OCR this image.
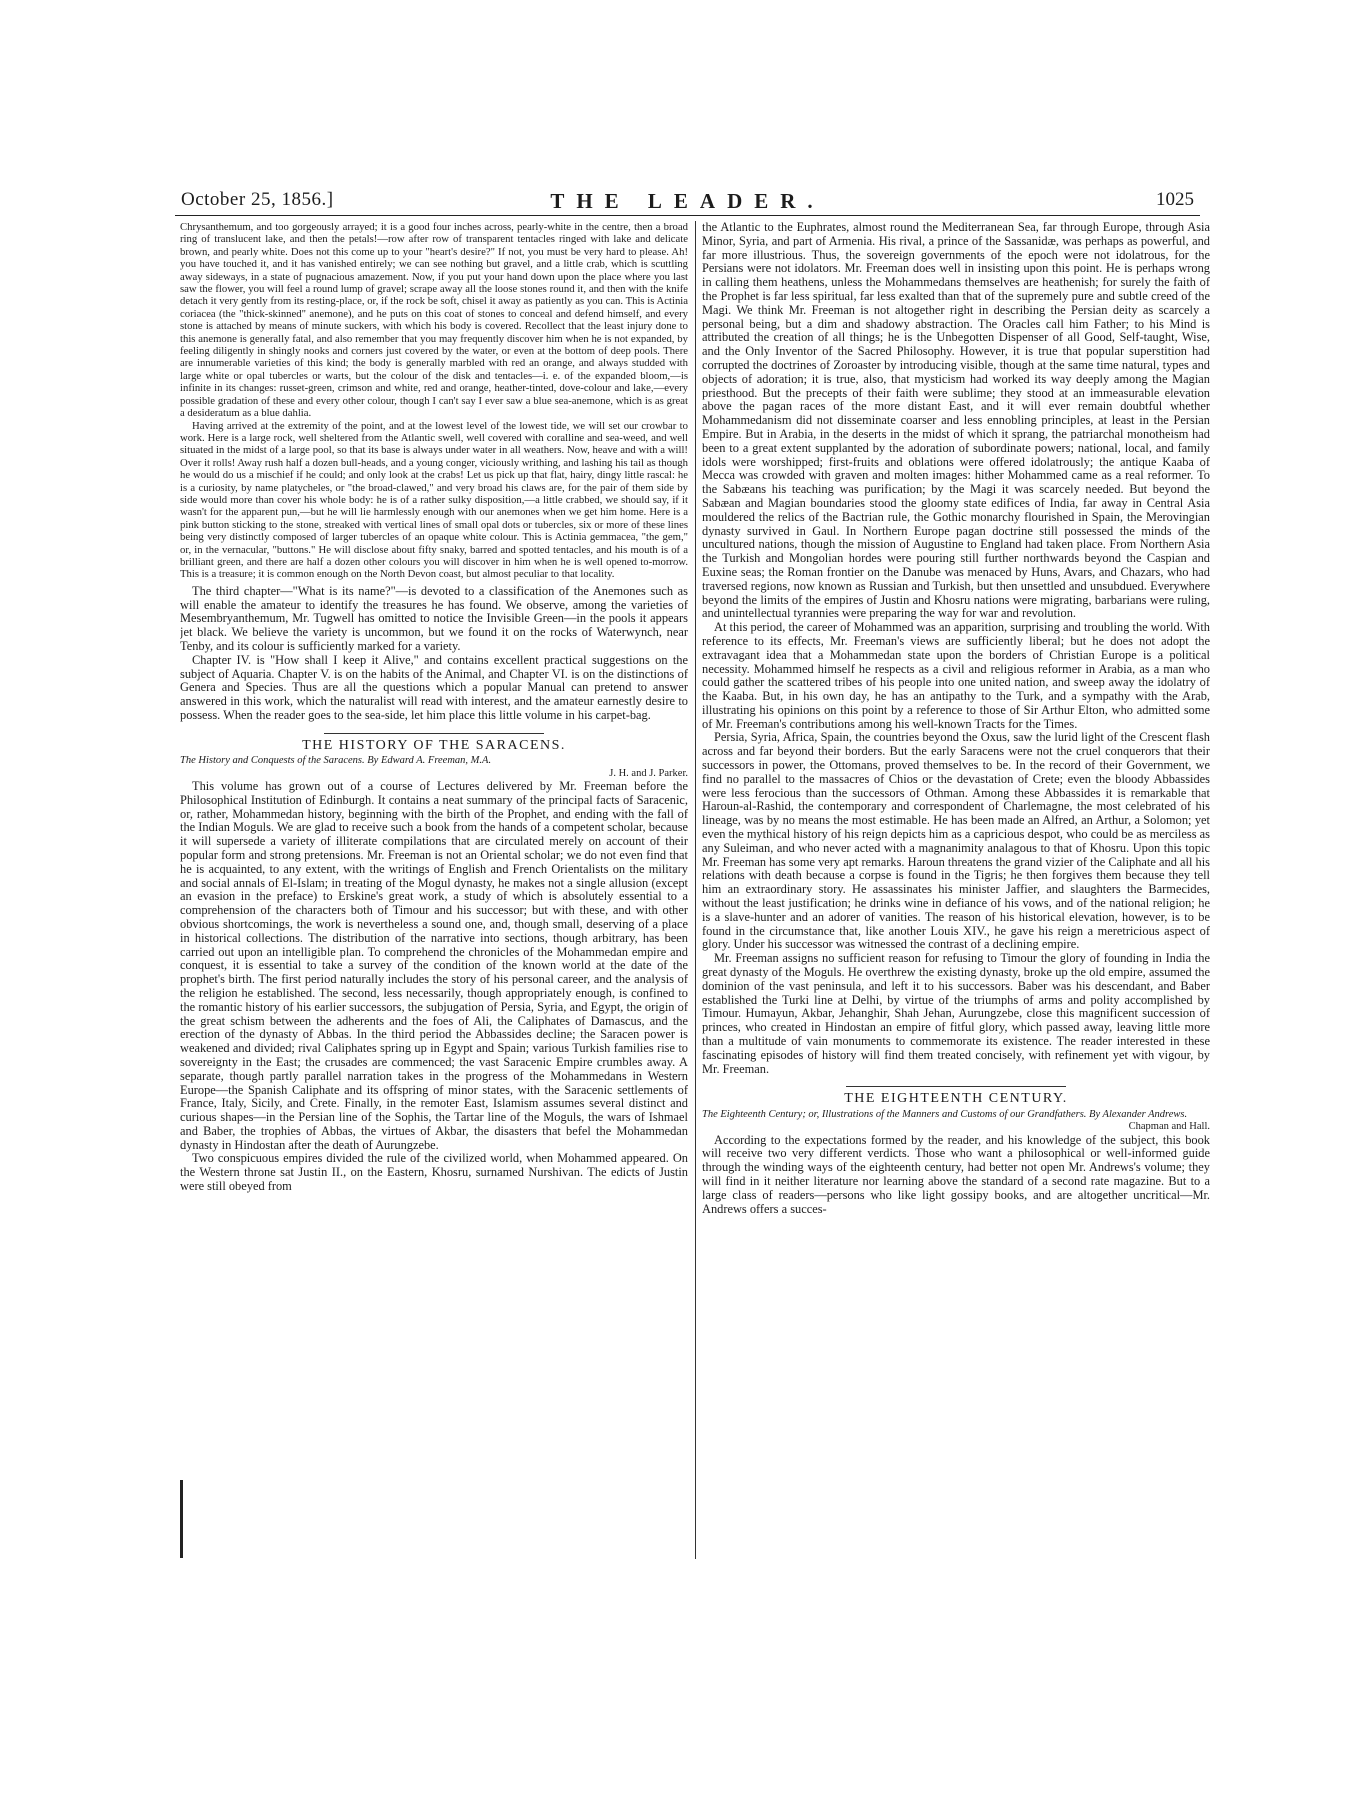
October 25, 1856.]	THE LEADER.	1025

Chrysanthemum, and too gorgeously arrayed; it is a good four inches across, pearly-white in the centre, then a broad ring of translucent lake, and then the petals!—row after row of transparent tentacles ringed with lake and delicate brown, and pearly white. Does not this come up to your "heart's desire?" If not, you must be very hard to please. Ah! you have touched it, and it has vanished entirely; we can see nothing but gravel, and a little crab, which is scuttling away sideways, in a state of pugnacious amazement. Now, if you put your hand down upon the place where you last saw the flower, you will feel a round lump of gravel; scrape away all the loose stones round it, and then with the knife detach it very gently from its resting-place, or, if the rock be soft, chisel it away as patiently as you can. This is Actinia coriacea (the "thick-skinned" anemone), and he puts on this coat of stones to conceal and defend himself, and every stone is attached by means of minute suckers, with which his body is covered. Recollect that the least injury done to this anemone is generally fatal, and also remember that you may frequently discover him when he is not expanded, by feeling diligently in shingly nooks and corners just covered by the water, or even at the bottom of deep pools. There are innumerable varieties of this kind; the body is generally marbled with red an orange, and always studded with large white or opal tubercles or warts, but the colour of the disk and tentacles—i. e. of the expanded bloom,—is infinite in its changes: russet-green, crimson and white, red and orange, heather-tinted, dove-colour and lake,—every possible gradation of these and every other colour, though I can't say I ever saw a blue sea-anemone, which is as great a desideratum as a blue dahlia.

Having arrived at the extremity of the point, and at the lowest level of the lowest tide, we will set our crowbar to work. Here is a large rock, well sheltered from the Atlantic swell, well covered with coralline and sea-weed, and well situated in the midst of a large pool, so that its base is always under water in all weathers. Now, heave and with a will! Over it rolls! Away rush half a dozen bull-heads, and a young conger, viciously writhing, and lashing his tail as though he would do us a mischief if he could; and only look at the crabs! Let us pick up that flat, hairy, dingy little rascal: he is a curiosity, by name platycheles, or "the broad-clawed," and very broad his claws are, for the pair of them side by side would more than cover his whole body: he is of a rather sulky disposition,—a little crabbed, we should say, if it wasn't for the apparent pun,—but he will lie harmlessly enough with our anemones when we get him home. Here is a pink button sticking to the stone, streaked with vertical lines of small opal dots or tubercles, six or more of these lines being very distinctly composed of larger tubercles of an opaque white colour. This is Actinia gemmacea, "the gem," or, in the vernacular, "buttons." He will disclose about fifty snaky, barred and spotted tentacles, and his mouth is of a brilliant green, and there are half a dozen other colours you will discover in him when he is well opened to-morrow. This is a treasure; it is common enough on the North Devon coast, but almost peculiar to that locality.

The third chapter—"What is its name?"—is devoted to a classification of the Anemones such as will enable the amateur to identify the treasures he has found. We observe, among the varieties of Mesembryanthemum, Mr. Tugwell has omitted to notice the Invisible Green—in the pools it appears jet black. We believe the variety is uncommon, but we found it on the rocks of Waterwynch, near Tenby, and its colour is sufficiently marked for a variety.

Chapter IV. is "How shall I keep it Alive," and contains excellent practical suggestions on the subject of Aquaria. Chapter V. is on the habits of the Animal, and Chapter VI. is on the distinctions of Genera and Species. Thus are all the questions which a popular Manual can pretend to answer answered in this work, which the naturalist will read with interest, and the amateur earnestly desire to possess. When the reader goes to the sea-side, let him place this little volume in his carpet-bag.

THE HISTORY OF THE SARACENS.
The History and Conquests of the Saracens. By Edward A. Freeman, M.A.
J. H. and J. Parker.

This volume has grown out of a course of Lectures delivered by Mr. Freeman before the Philosophical Institution of Edinburgh. It contains a neat summary of the principal facts of Saracenic, or, rather, Mohammedan history, beginning with the birth of the Prophet, and ending with the fall of the Indian Moguls. We are glad to receive such a book from the hands of a competent scholar, because it will supersede a variety of illiterate compilations that are circulated merely on account of their popular form and strong pretensions. Mr. Freeman is not an Oriental scholar; we do not even find that he is acquainted, to any extent, with the writings of English and French Orientalists on the military and social annals of El-Islam; in treating of the Mogul dynasty, he makes not a single allusion (except an evasion in the preface) to Erskine's great work, a study of which is absolutely essential to a comprehension of the characters both of Timour and his successor; but with these, and with other obvious shortcomings, the work is nevertheless a sound one, and, though small, deserving of a place in historical collections. The distribution of the narrative into sections, though arbitrary, has been carried out upon an intelligible plan. To comprehend the chronicles of the Mohammedan empire and conquest, it is essential to take a survey of the condition of the known world at the date of the prophet's birth. The first period naturally includes the story of his personal career, and the analysis of the religion he established. The second, less necessarily, though appropriately enough, is confined to the romantic history of his earlier successors, the subjugation of Persia, Syria, and Egypt, the origin of the great schism between the adherents and the foes of Ali, the Caliphates of Damascus, and the erection of the dynasty of Abbas. In the third period the Abbassides decline; the Saracen power is weakened and divided; rival Caliphates spring up in Egypt and Spain; various Turkish families rise to sovereignty in the East; the crusades are commenced; the vast Saracenic Empire crumbles away. A separate, though partly parallel narration takes in the progress of the Mohammedans in Western Europe—the Spanish Caliphate and its offspring of minor states, with the Saracenic settlements of France, Italy, Sicily, and Crete. Finally, in the remoter East, Islamism assumes several distinct and curious shapes—in the Persian line of the Sophis, the Tartar line of the Moguls, the wars of Ishmael and Baber, the trophies of Abbas, the virtues of Akbar, the disasters that befel the Mohammedan dynasty in Hindostan after the death of Aurungzebe.

Two conspicuous empires divided the rule of the civilized world, when Mohammed appeared. On the Western throne sat Justin II., on the Eastern, Khosru, surnamed Nurshivan. The edicts of Justin were still obeyed from

the Atlantic to the Euphrates, almost round the Mediterranean Sea, far through Europe, through Asia Minor, Syria, and part of Armenia. His rival, a prince of the Sassanidæ, was perhaps as powerful, and far more illustrious. Thus, the sovereign governments of the epoch were not idolatrous, for the Persians were not idolators. Mr. Freeman does well in insisting upon this point. He is perhaps wrong in calling them heathens, unless the Mohammedans themselves are heathenish; for surely the faith of the Prophet is far less spiritual, far less exalted than that of the supremely pure and subtle creed of the Magi. We think Mr. Freeman is not altogether right in describing the Persian deity as scarcely a personal being, but a dim and shadowy abstraction. The Oracles call him Father; to his Mind is attributed the creation of all things; he is the Unbegotten Dispenser of all Good, Self-taught, Wise, and the Only Inventor of the Sacred Philosophy. However, it is true that popular superstition had corrupted the doctrines of Zoroaster by introducing visible, though at the same time natural, types and objects of adoration; it is true, also, that mysticism had worked its way deeply among the Magian priesthood. But the precepts of their faith were sublime; they stood at an immeasurable elevation above the pagan races of the more distant East, and it will ever remain doubtful whether Mohammedanism did not disseminate coarser and less ennobling principles, at least in the Persian Empire. But in Arabia, in the deserts in the midst of which it sprang, the patriarchal monotheism had been to a great extent supplanted by the adoration of subordinate powers; national, local, and family idols were worshipped; first-fruits and oblations were offered idolatrously; the antique Kaaba of Mecca was crowded with graven and molten images: hither Mohammed came as a real reformer. To the Sabæans his teaching was purification; by the Magi it was scarcely needed. But beyond the Sabæan and Magian boundaries stood the gloomy state edifices of India, far away in Central Asia mouldered the relics of the Bactrian rule, the Gothic monarchy flourished in Spain, the Merovingian dynasty survived in Gaul. In Northern Europe pagan doctrine still possessed the minds of the uncultured nations, though the mission of Augustine to England had taken place. From Northern Asia the Turkish and Mongolian hordes were pouring still further northwards beyond the Caspian and Euxine seas; the Roman frontier on the Danube was menaced by Huns, Avars, and Chazars, who had traversed regions, now known as Russian and Turkish, but then unsettled and unsubdued. Everywhere beyond the limits of the empires of Justin and Khosru nations were migrating, barbarians were ruling, and unintellectual tyrannies were preparing the way for war and revolution.

At this period, the career of Mohammed was an apparition, surprising and troubling the world. With reference to its effects, Mr. Freeman's views are sufficiently liberal; but he does not adopt the extravagant idea that a Mohammedan state upon the borders of Christian Europe is a political necessity. Mohammed himself he respects as a civil and religious reformer in Arabia, as a man who could gather the scattered tribes of his people into one united nation, and sweep away the idolatry of the Kaaba. But, in his own day, he has an antipathy to the Turk, and a sympathy with the Arab, illustrating his opinions on this point by a reference to those of Sir Arthur Elton, who admitted some of Mr. Freeman's contributions among his well-known Tracts for the Times.

Persia, Syria, Africa, Spain, the countries beyond the Oxus, saw the lurid light of the Crescent flash across and far beyond their borders. But the early Saracens were not the cruel conquerors that their successors in power, the Ottomans, proved themselves to be. In the record of their Government, we find no parallel to the massacres of Chios or the devastation of Crete; even the bloody Abbassides were less ferocious than the successors of Othman. Among these Abbassides it is remarkable that Haroun-al-Rashid, the contemporary and correspondent of Charlemagne, the most celebrated of his lineage, was by no means the most estimable. He has been made an Alfred, an Arthur, a Solomon; yet even the mythical history of his reign depicts him as a capricious despot, who could be as merciless as any Suleiman, and who never acted with a magnanimity analagous to that of Khosru. Upon this topic Mr. Freeman has some very apt remarks. Haroun threatens the grand vizier of the Caliphate and all his relations with death because a corpse is found in the Tigris; he then forgives them because they tell him an extraordinary story. He assassinates his minister Jaffier, and slaughters the Barmecides, without the least justification; he drinks wine in defiance of his vows, and of the national religion; he is a slave-hunter and an adorer of vanities. The reason of his historical elevation, however, is to be found in the circumstance that, like another Louis XIV., he gave his reign a meretricious aspect of glory. Under his successor was witnessed the contrast of a declining empire.

Mr. Freeman assigns no sufficient reason for refusing to Timour the glory of founding in India the great dynasty of the Moguls. He overthrew the existing dynasty, broke up the old empire, assumed the dominion of the vast peninsula, and left it to his successors. Baber was his descendant, and Baber established the Turki line at Delhi, by virtue of the triumphs of arms and polity accomplished by Timour. Humayun, Akbar, Jehanghir, Shah Jehan, Aurungzebe, close this magnificent succession of princes, who created in Hindostan an empire of fitful glory, which passed away, leaving little more than a multitude of vain monuments to commemorate its existence. The reader interested in these fascinating episodes of history will find them treated concisely, with refinement yet with vigour, by Mr. Freeman.

THE EIGHTEENTH CENTURY.
The Eighteenth Century; or, Illustrations of the Manners and Customs of our Grandfathers. By Alexander Andrews.
Chapman and Hall.

According to the expectations formed by the reader, and his knowledge of the subject, this book will receive two very different verdicts. Those who want a philosophical or well-informed guide through the winding ways of the eighteenth century, had better not open Mr. Andrews's volume; they will find in it neither literature nor learning above the standard of a second rate magazine. But to a large class of readers—persons who like light gossipy books, and are altogether uncritical—Mr. Andrews offers a succes-
